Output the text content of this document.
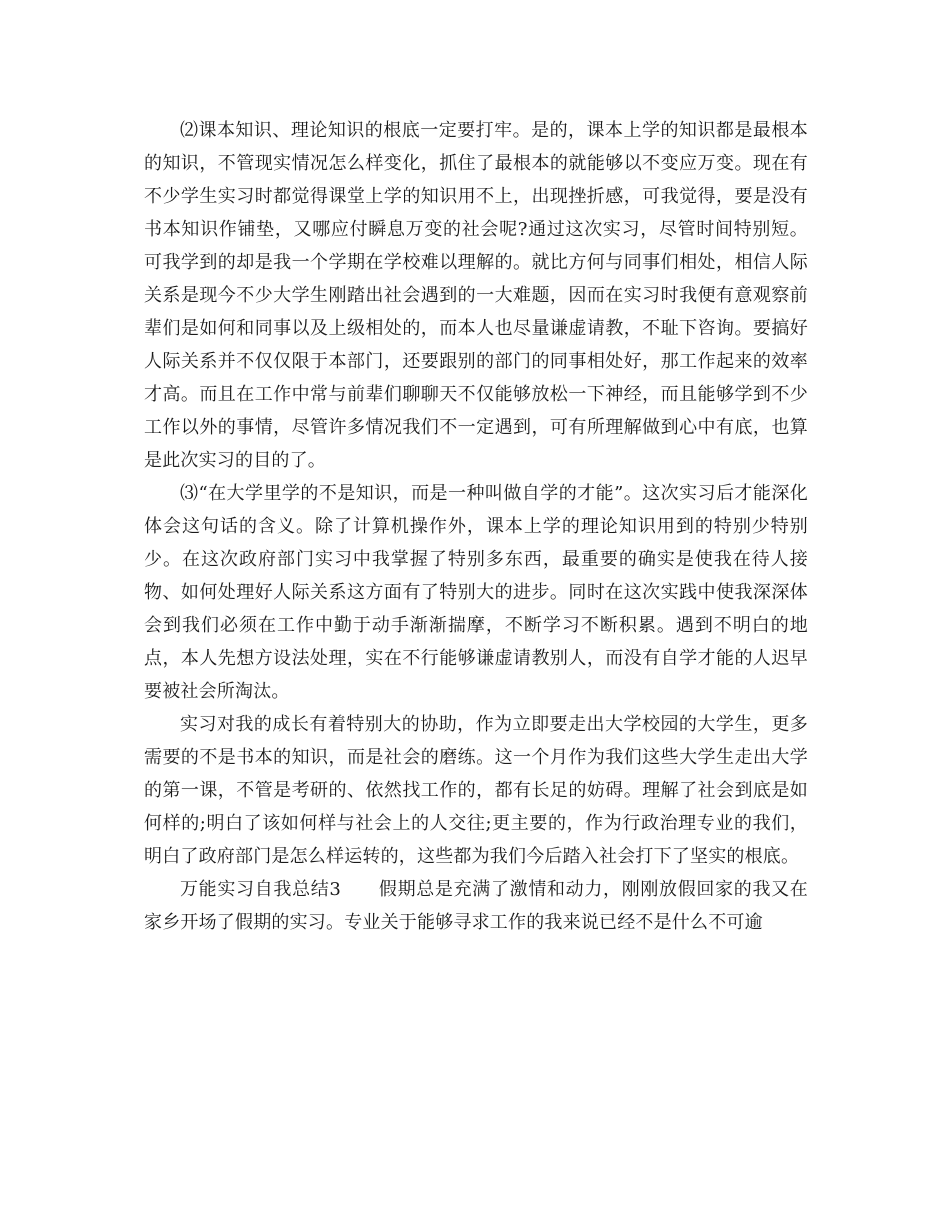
⑵课本知识、理论知识的根底一定要打牢。是的，课本上学的知识都是最根本的知识，不管现实情况怎么样变化，抓住了最根本的就能够以不变应万变。现在有不少学生实习时都觉得课堂上学的知识用不上，出现挫折感，可我觉得，要是没有书本知识作铺垫，又哪应付瞬息万变的社会呢?通过这次实习，尽管时间特别短。可我学到的却是我一个学期在学校难以理解的。就比方何与同事们相处，相信人际关系是现今不少大学生刚踏出社会遇到的一大难题，因而在实习时我便有意观察前辈们是如何和同事以及上级相处的，而本人也尽量谦虚请教，不耻下咨询。要搞好人际关系并不仅仅限于本部门，还要跟别的部门的同事相处好，那工作起来的效率才高。而且在工作中常与前辈们聊聊天不仅能够放松一下神经，而且能够学到不少工作以外的事情，尽管许多情况我们不一定遇到，可有所理解做到心中有底，也算是此次实习的目的了。

⑶“在大学里学的不是知识，而是一种叫做自学的才能”。这次实习后才能深化体会这句话的含义。除了计算机操作外，课本上学的理论知识用到的特别少特别少。在这次政府部门实习中我掌握了特别多东西，最重要的确实是使我在待人接物、如何处理好人际关系这方面有了特别大的进步。同时在这次实践中使我深深体会到我们必须在工作中勤于动手渐渐揣摩，不断学习不断积累。遇到不明白的地点，本人先想方设法处理，实在不行能够谦虚请教别人，而没有自学才能的人迟早要被社会所淘汰。

实习对我的成长有着特别大的协助，作为立即要走出大学校园的大学生，更多需要的不是书本的知识，而是社会的磨练。这一个月作为我们这些大学生走出大学的第一课，不管是考研的、依然找工作的，都有长足的妨碍。理解了社会到底是如何样的;明白了该如何样与社会上的人交往;更主要的，作为行政治理专业的我们，明白了政府部门是怎么样运转的，这些都为我们今后踏入社会打下了坚实的根底。

万能实习自我总结3　　假期总是充满了激情和动力，刚刚放假回家的我又在家乡开场了假期的实习。专业关于能够寻求工作的我来说已经不是什么不可逾
